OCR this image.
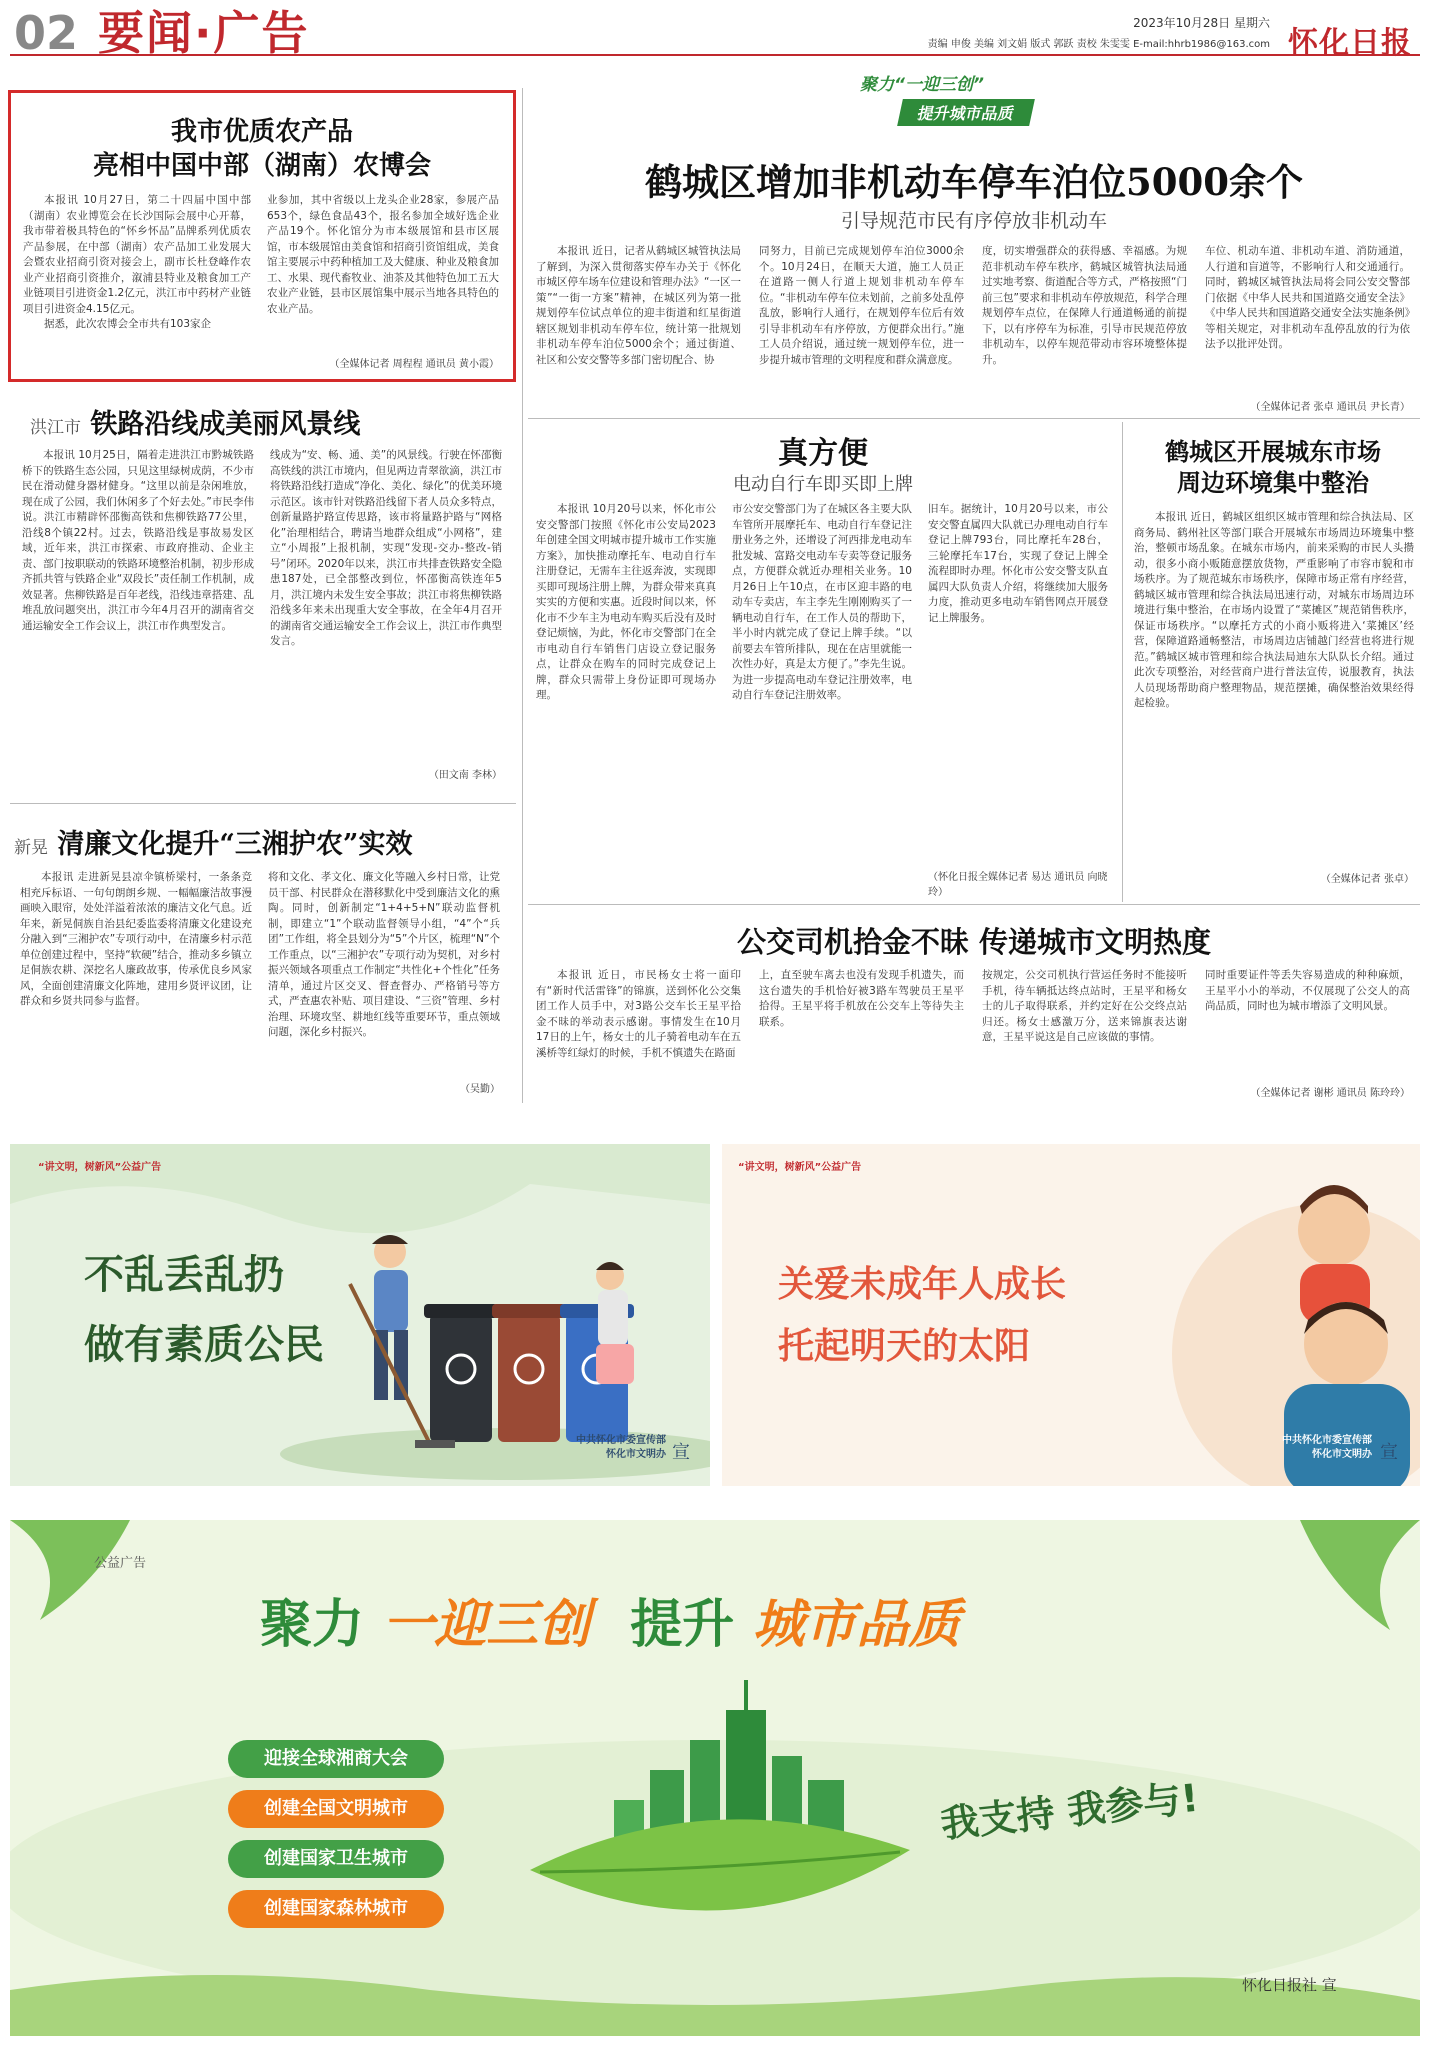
02 要闻·广告	2023年10月28日 星期六
责编 申俊 美编 刘文娟 版式 郭跃 责校 朱雯雯 E-mail:hhrb1986@163.com 怀化日报
我市优质农产品
亮相中国中部（湖南）农博会

本报讯 10月27日，第二十四届中国中部（湖南）农业博览会在长沙国际会展中心开幕，我市带着极具特色的“怀乡怀品”品牌系列优质农产品参展，在中部（湖南）农产品加工业发展大会暨农业招商引资对接会上，副市长杜登峰作农业产业招商引资推介，溆浦县特业及粮食加工产业链项目引进资金1.2亿元，洪江市中药材产业链项目引进资金4.15亿元。

据悉，此次农博会全市共有103家企

业参加，其中省级以上龙头企业28家，参展产品653个，绿色食品43个，报名参加全域好选企业产品19个。怀化馆分为市本级展馆和县市区展馆，市本级展馆由美食馆和招商引资馆组成，美食馆主要展示中药种植加工及大健康、种业及粮食加工、水果、现代畜牧业、油茶及其他特色加工五大农业产业链，县市区展馆集中展示当地各具特色的农业产品。

（全媒体记者 周程程 通讯员 黄小霞）
洪江市 铁路沿线成美丽风景线

本报讯 10月25日，隔着走进洪江市黔城铁路桥下的铁路生态公园，只见这里绿树成荫，不少市民在滑动健身器材健身。“这里以前是杂闲堆放，现在成了公园，我们休闲多了个好去处。”市民李伟说。洪江市精辟怀邵衡高铁和焦柳铁路77公里，沿线8个镇22村。过去，铁路沿线是事故易发区域，近年来，洪江市探索、市政府推动、企业主责、部门按职联动的铁路环境整治机制，初步形成齐抓共管与铁路企业“双段长”责任制工作机制，成效显著。焦柳铁路是百年老线，沿线违章搭建、乱堆乱放问题突出，洪江市今年4月召开的湖南省交通运输安全工作会议上，洪江市作典型发言。

线成为“安、畅、通、美”的风景线。行驶在怀邵衡高铁线的洪江市境内，但见两边青翠欲滴，洪江市将铁路沿线打造成“净化、美化、绿化”的优美环境示范区。该市针对铁路沿线留下者人员众多特点，创新量路护路宣传思路，该市将量路护路与“网格化”治理相结合，聘请当地群众组成“小网格”，建立“小周报”上报机制，实现“发现-交办-整改-销号”闭环。2020年以来，洪江市共排查铁路安全隐患187处，已全部整改到位，怀邵衡高铁连年5月，洪江境内未发生安全事故；洪江市将焦柳铁路沿线多年来未出现重大安全事故，在全年4月召开的湖南省交通运输安全工作会议上，洪江市作典型发言。

（田文南 李林）
新晃 清廉文化提升“三湘护农”实效

本报讯 走进新晃县凉伞镇桥梁村，一条条竞相充斥标语、一句句朗朗乡规、一幅幅廉洁故事漫画映入眼帘，处处洋溢着浓浓的廉洁文化气息。近年来，新晃侗族自治县纪委监委将清廉文化建设充分融入到“三湘护农”专项行动中，在清廉乡村示范单位创建过程中，坚持“软硬”结合，推动多乡镇立足侗族农耕、深挖名人廉政故事，传承优良乡风家风，全面创建清廉文化阵地，建用乡贤评议团，让群众和乡贤共同参与监督。

将和文化、孝文化、廉文化等融入乡村日常，让党员干部、村民群众在潜移默化中受到廉洁文化的熏陶。同时，创新制定“1+4+5+N”联动监督机制，即建立“1”个联动监督领导小组，“4”个“兵团”工作组，将全县划分为“5”个片区，梳理“N”个工作重点，以“三湘护农”专项行动为契机，对乡村振兴领域各项重点工作制定“共性化+个性化”任务清单，通过片区交叉、督查督办、严格销号等方式，严查惠农补贴、项目建设、“三资”管理、乡村治理、环境攻坚、耕地红线等重要环节，重点领域问题，深化乡村振兴。

（吴勤）
聚力“一迎三创”
提升城市品质
鹤城区增加非机动车停车泊位5000余个
引导规范市民有序停放非机动车

本报讯 近日，记者从鹤城区城管执法局了解到，为深入贯彻落实停车办关于《怀化市城区停车场车位建设和管理办法》“一区一策”“一街一方案”精神，在城区列为第一批规划停车位试点单位的迎丰街道和红星街道辖区规划非机动车停车位，统计第一批规划非机动车停车泊位5000余个；通过街道、社区和公安交警等多部门密切配合、协

同努力，目前已完成规划停车泊位3000余个。10月24日，在顺天大道，施工人员正在道路一侧人行道上规划非机动车停车位。“非机动车停车位未划前，之前多处乱停乱放，影响行人通行，在规划停车位后有效引导非机动车有序停放，方便群众出行。”施工人员介绍说，通过统一规划停车位，进一步提升城市管理的文明程度和群众满意度。

度，切实增强群众的获得感、幸福感。为规范非机动车停车秩序，鹤城区城管执法局通过实地考察、街道配合等方式，严格按照“门前三包”要求和非机动车停放规范，科学合理规划停车点位，在保障人行通道畅通的前提下，以有序停车为标准，引导市民规范停放非机动车，以停车规范带动市容环境整体提升。

车位、机动车道、非机动车道、消防通道，人行道和盲道等，不影响行人和交通通行。同时，鹤城区城管执法局将会同公安交警部门依据《中华人民共和国道路交通安全法》《中华人民共和国道路交通安全法实施条例》等相关规定，对非机动车乱停乱放的行为依法予以批评处罚。

（全媒体记者 张卓 通讯员 尹长青）
真方便
电动自行车即买即上牌

本报讯 10月20号以来，怀化市公安交警部门按照《怀化市公安局2023年创建全国文明城市提升城市工作实施方案》，加快推动摩托车、电动自行车注册登记，无需车主往返奔波，实现即买即可现场注册上牌，为群众带来真真实实的方便和实惠。近段时间以来，怀化市不少车主为电动车购买后没有及时登记烦恼，为此，怀化市交警部门在全市电动自行车销售门店设立登记服务点，让群众在购车的同时完成登记上牌，群众只需带上身份证即可现场办理。

市公安交警部门为了在城区各主要大队车管所开展摩托车、电动自行车登记注册业务之外，还增设了河西排龙电动车批发城、富路交电动车专卖等登记服务点，方便群众就近办理相关业务。10月26日上午10点，在市区迎丰路的电动车专卖店，车主李先生刚刚购买了一辆电动自行车，在工作人员的帮助下，半小时内就完成了登记上牌手续。“以前要去车管所排队，现在在店里就能一次性办好，真是太方便了。”李先生说。为进一步提高电动车登记注册效率，电动自行车登记注册效率。

旧车。据统计，10月20号以来，市公安交警直属四大队就已办理电动自行车登记上牌793台，同比摩托车28台，三轮摩托车17台，实现了登记上牌全流程即时办理。怀化市公安交警支队直属四大队负责人介绍，将继续加大服务力度，推动更多电动车销售网点开展登记上牌服务。

（怀化日报全媒体记者 易达 通讯员 向晓玲）
鹤城区开展城东市场
周边环境集中整治

本报讯 近日，鹤城区组织区城市管理和综合执法局、区商务局、鹤州社区等部门联合开展城东市场周边环境集中整治，整顿市场乱象。在城东市场内，前来采购的市民人头攒动，很多小商小贩随意摆放货物，严重影响了市容市貌和市场秩序。为了规范城东市场秩序，保障市场正常有序经营，鹤城区城市管理和综合执法局迅速行动，对城东市场周边环境进行集中整治，在市场内设置了“菜摊区”规范销售秩序，保证市场秩序。“以摩托方式的小商小贩将进入‘菜摊区’经营，保障道路通畅整洁，市场周边店铺越门经营也将进行规范。”鹤城区城市管理和综合执法局迪东大队队长介绍。通过此次专项整治，对经营商户进行普法宣传，说服教育，执法人员现场帮助商户整理物品，规范摆摊，确保整治效果经得起检验。

（全媒体记者 张卓）
公交司机拾金不昧 传递城市文明热度

本报讯 近日，市民杨女士将一面印有“新时代活雷锋”的锦旗，送到怀化公交集团工作人员手中，对3路公交车长王星平拾金不昧的举动表示感谢。事情发生在10月17日的上午，杨女士的儿子骑着电动车在五溪桥等红绿灯的时候，手机不慎遗失在路面

上，直至驶车离去也没有发现手机遗失，而这台遗失的手机恰好被3路车驾驶员王星平拾得。王星平将手机放在公交车上等待失主联系。

按规定，公交司机执行营运任务时不能接听手机，待车辆抵达终点站时，王星平和杨女士的儿子取得联系，并约定好在公交终点站归还。杨女士感激万分，送来锦旗表达谢意，王星平说这是自己应该做的事情。

同时重要证件等丢失容易造成的种种麻烦，王星平小小的举动，不仅展现了公交人的高尚品质，同时也为城市增添了文明风景。

（全媒体记者 谢彬 通讯员 陈玲玲）
“讲文明，树新风”公益广告
不乱丢乱扔
做有素质公民
中共怀化市委宣传部
怀化市文明办 宣
“讲文明，树新风”公益广告
关爱未成年人成长
托起明天的太阳
中共怀化市委宣传部
怀化市文明办 宣
公益广告
聚力 一迎三创 提升 城市品质
迎接全球湘商大会
创建全国文明城市
创建国家卫生城市
创建国家森林城市
我支持 我参与!
怀化日报社 宣
